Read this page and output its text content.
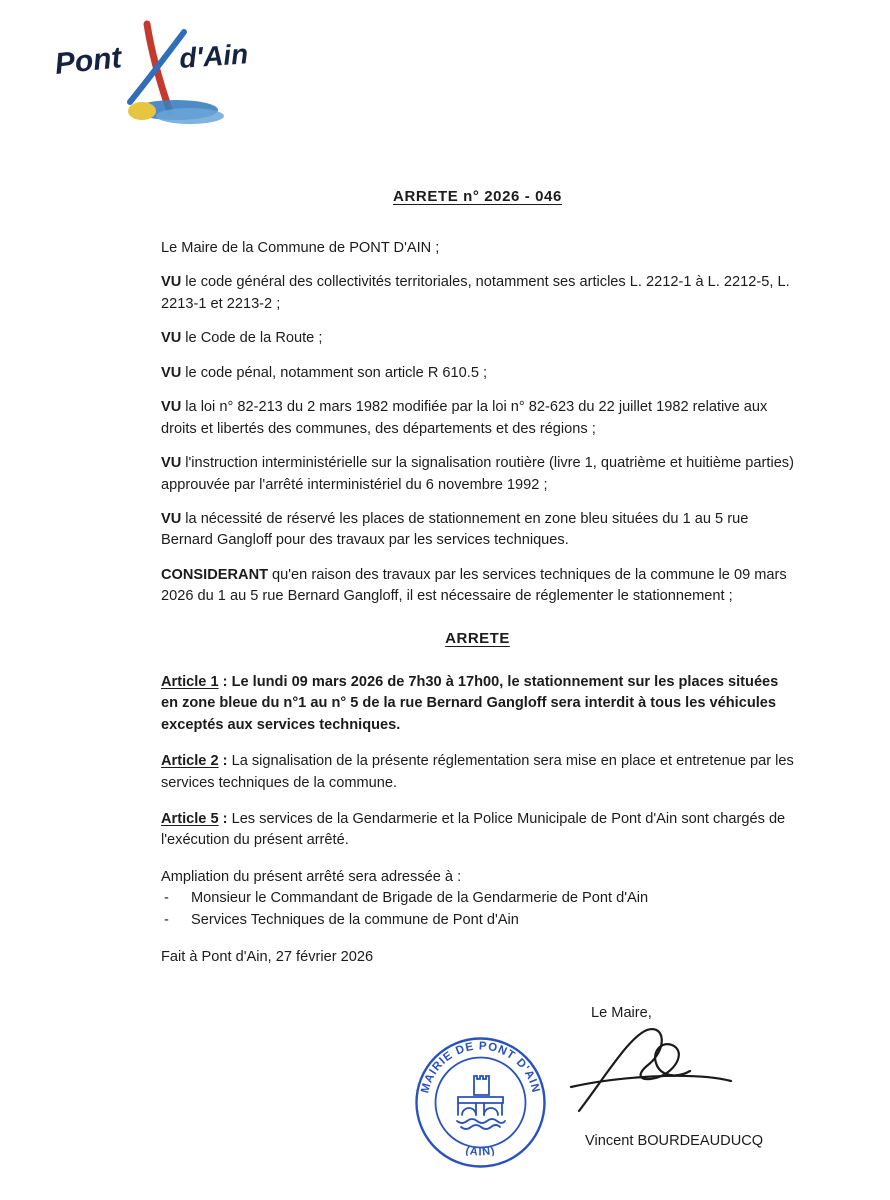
Pont d'Ain
ARRETE n° 2026 - 046

Le Maire de la Commune de PONT D'AIN ;

VU le code général des collectivités territoriales, notamment ses articles L. 2212-1 à L. 2212-5, L. 2213-1 et 2213-2 ;

VU le Code de la Route ;

VU le code pénal, notamment son article R 610.5 ;

VU la loi n° 82-213 du 2 mars 1982 modifiée par la loi n° 82-623 du 22 juillet 1982 relative aux droits et libertés des communes, des départements et des régions ;

VU l'instruction interministérielle sur la signalisation routière (livre 1, quatrième et huitième parties) approuvée par l'arrêté interministériel du 6 novembre 1992 ;

VU la nécessité de réservé les places de stationnement en zone bleu situées du 1 au 5 rue Bernard Gangloff pour des travaux par les services techniques.

CONSIDERANT qu'en raison des travaux par les services techniques de la commune le 09 mars 2026 du 1 au 5 rue Bernard Gangloff, il est nécessaire de réglementer le stationnement ;

ARRETE

Article 1 : Le lundi 09 mars 2026 de 7h30 à 17h00, le stationnement sur les places situées en zone bleue du n°1 au n° 5 de la rue Bernard Gangloff sera interdit à tous les véhicules exceptés aux services techniques.

Article 2 : La signalisation de la présente réglementation sera mise en place et entretenue par les services techniques de la commune.

Article 5 : Les services de la Gendarmerie et la Police Municipale de Pont d'Ain sont chargés de l'exécution du présent arrêté.

Ampliation du présent arrêté sera adressée à :
-	Monsieur le Commandant de Brigade de la Gendarmerie de Pont d'Ain
-	Services Techniques de la commune de Pont d'Ain

Fait à Pont d'Ain, 27 février 2026

Le Maire,
MAIRIE DE PONT D'AIN
(AIN)
Vincent BOURDEAUDUCQ
